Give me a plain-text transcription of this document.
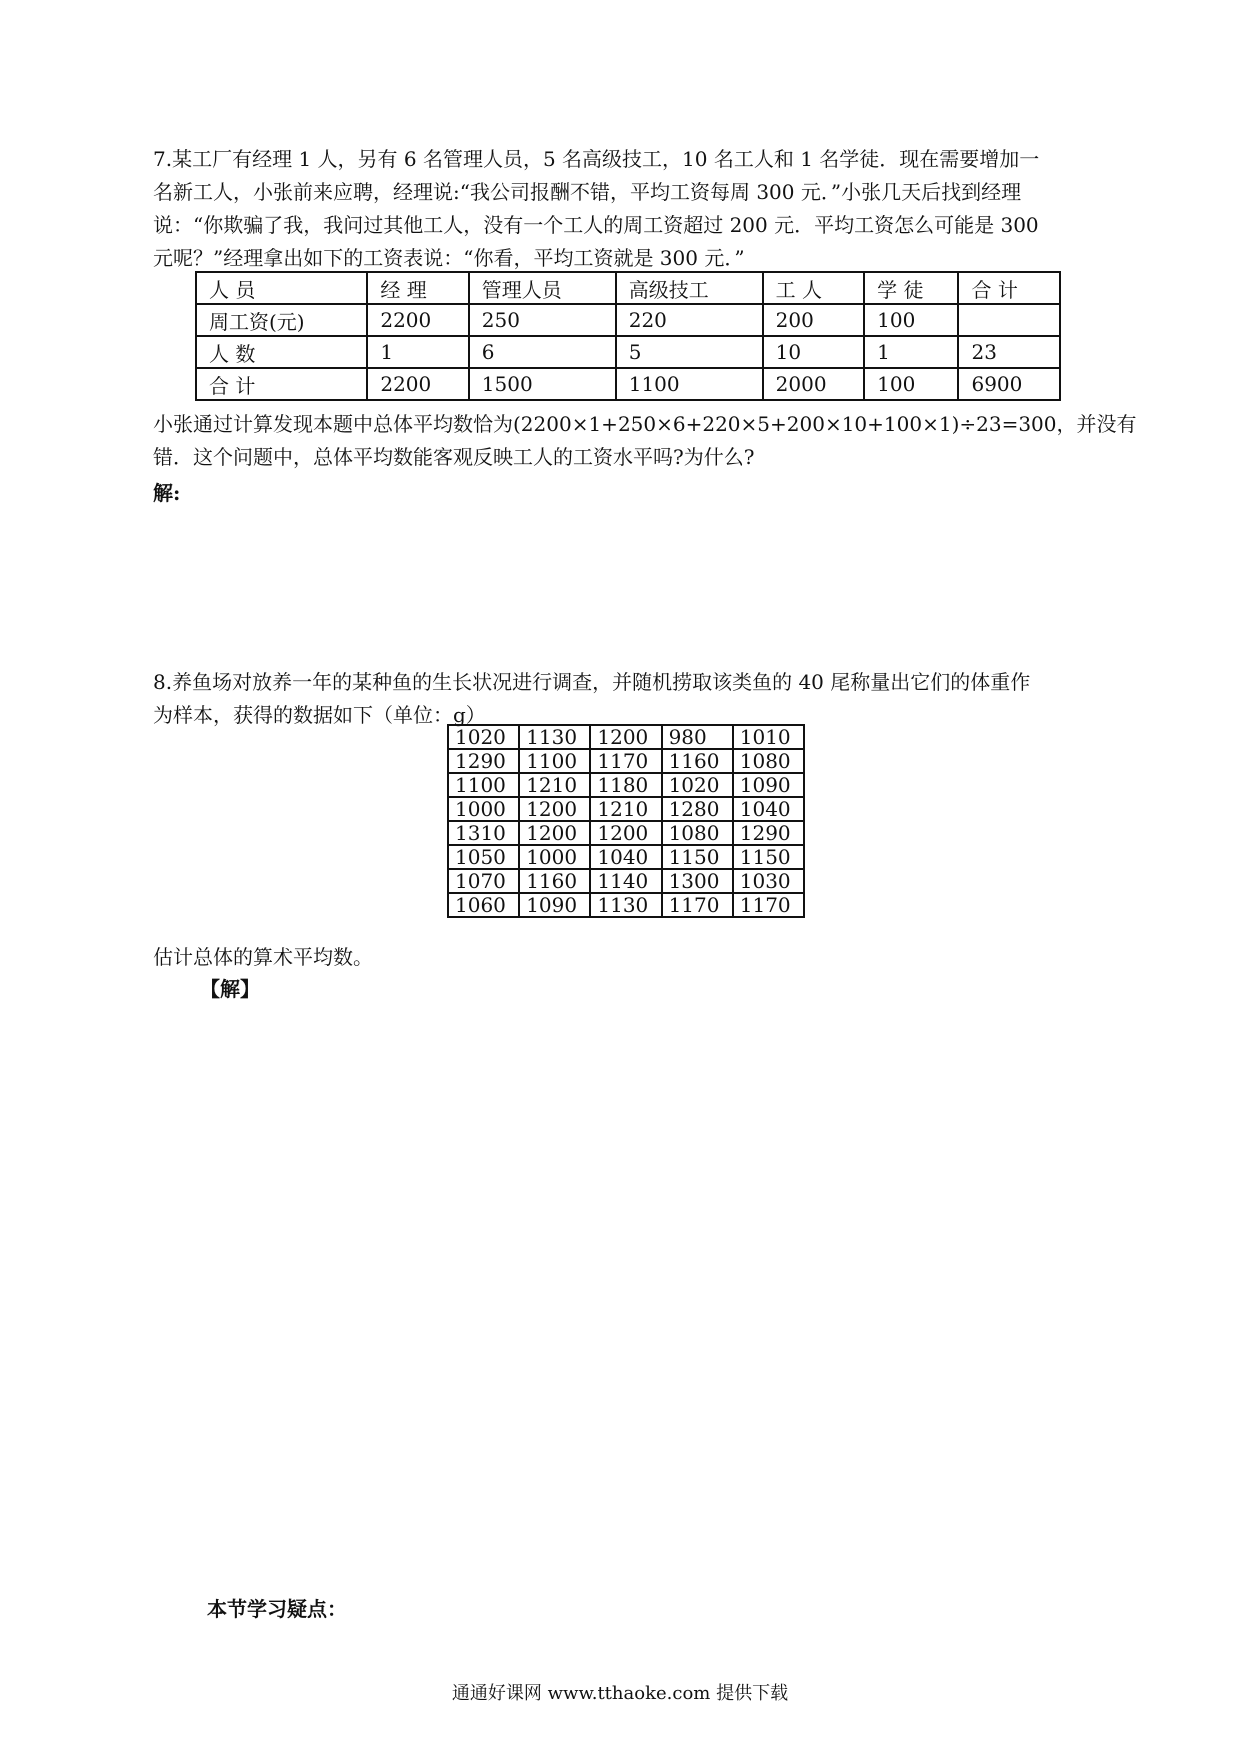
7.某工厂有经理 1 人，另有 6 名管理人员，5 名高级技工，10 名工人和 1 名学徒．现在需要增加一
名新工人，小张前来应聘，经理说:“我公司报酬不错，平均工资每周 300 元．”小张几天后找到经理
说：“你欺骗了我，我问过其他工人，没有一个工人的周工资超过 200 元．平均工资怎么可能是 300
元呢？”经理拿出如下的工资表说：“你看，平均工资就是 300 元．”
人 员	经 理	管理人员	高级技工	工 人	学 徒	合 计
周工资(元)	2200	250	220	200	100	
人 数	1	6	5	10	1	23
合 计	2200	1500	1100	2000	100	6900
小张通过计算发现本题中总体平均数恰为(2200×1+250×6+220×5+200×10+100×1)÷23=300，并没有
错．这个问题中，总体平均数能客观反映工人的工资水平吗?为什么?
解:
8.养鱼场对放养一年的某种鱼的生长状况进行调查，并随机捞取该类鱼的 40 尾称量出它们的体重作
为样本，获得的数据如下（单位：g）
1020	1130	1200	980	1010
1290	1100	1170	1160	1080
1100	1210	1180	1020	1090
1000	1200	1210	1280	1040
1310	1200	1200	1080	1290
1050	1000	1040	1150	1150
1070	1160	1140	1300	1030
1060	1090	1130	1170	1170
估计总体的算术平均数。
【解】
本节学习疑点：
通通好课网 www.tthaoke.com 提供下载
